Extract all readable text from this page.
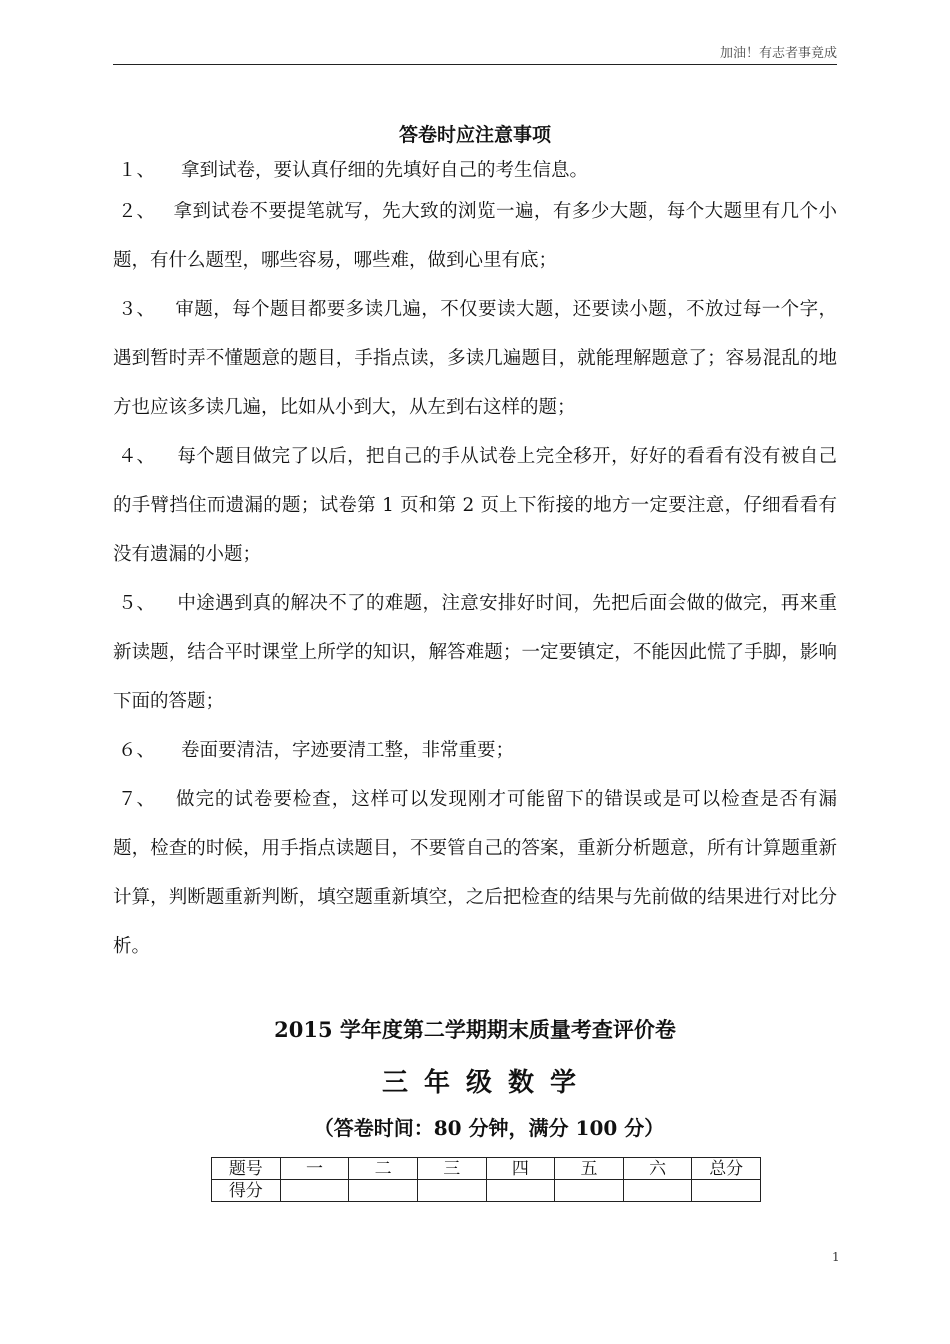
加油！有志者事竟成
答卷时应注意事项
１、 拿到试卷，要认真仔细的先填好自己的考生信息。
２、 拿到试卷不要提笔就写，先大致的浏览一遍，有多少大题，每个大题里有几个小题，有什么题型，哪些容易，哪些难，做到心里有底；
３、 审题，每个题目都要多读几遍，不仅要读大题，还要读小题，不放过每一个字，遇到暂时弄不懂题意的题目，手指点读，多读几遍题目，就能理解题意了；容易混乱的地方也应该多读几遍，比如从小到大，从左到右这样的题；
４、 每个题目做完了以后，把自己的手从试卷上完全移开，好好的看看有没有被自己的手臂挡住而遗漏的题；试卷第 1 页和第 2 页上下衔接的地方一定要注意，仔细看看有没有遗漏的小题；
５、 中途遇到真的解决不了的难题，注意安排好时间，先把后面会做的做完，再来重新读题，结合平时课堂上所学的知识，解答难题；一定要镇定，不能因此慌了手脚，影响下面的答题；
６、 卷面要清洁，字迹要清工整，非常重要；
７、 做完的试卷要检查，这样可以发现刚才可能留下的错误或是可以检查是否有漏题，检查的时候，用手指点读题目，不要管自己的答案，重新分析题意，所有计算题重新计算，判断题重新判断，填空题重新填空，之后把检查的结果与先前做的结果进行对比分析。
2015 学年度第二学期期末质量考查评价卷
三年级数学
（答卷时间：80 分钟，满分 100 分）
题号	一	二	三	四	五	六	总分
得分							
1
